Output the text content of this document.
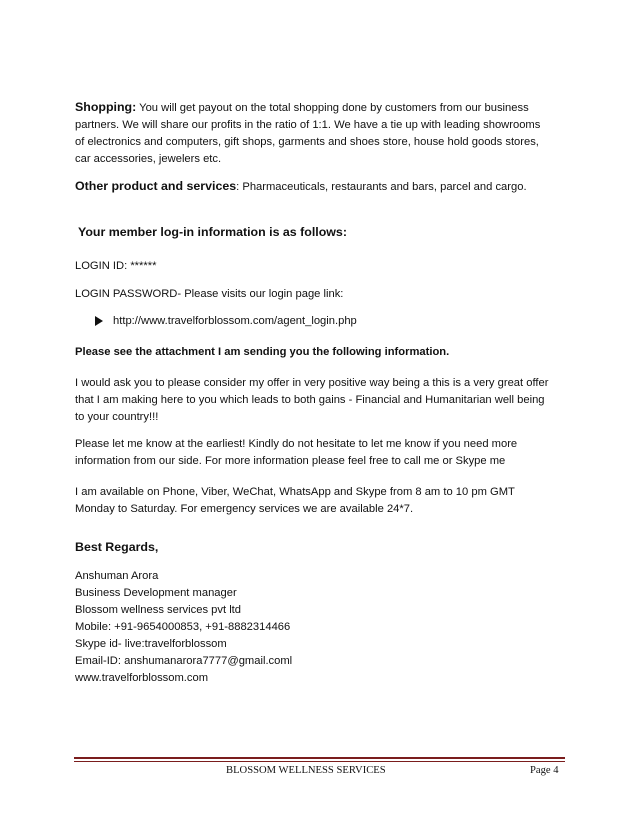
Shopping: You will get payout on the total shopping done by customers from our business
partners. We will share our profits in the ratio of 1:1. We have a tie up with leading showrooms
of electronics and computers, gift shops, garments and shoes store, house hold goods stores,
car accessories, jewelers etc.
Other product and services: Pharmaceuticals, restaurants and bars, parcel and cargo.
Your member log-in information is as follows:
LOGIN ID: ******
LOGIN PASSWORD- Please visits our login page link:
http://www.travelforblossom.com/agent_login.php
Please see the attachment I am sending you the following information.
I would ask you to please consider my offer in very positive way being a this is a very great offer
that I am making here to you which leads to both gains - Financial and Humanitarian well being
to your country!!!
Please let me know at the earliest! Kindly do not hesitate to let me know if you need more
information from our side. For more information please feel free to call me or Skype me
I am available on Phone, Viber, WeChat, WhatsApp and Skype from 8 am to 10 pm GMT
Monday to Saturday. For emergency services we are available 24*7.
Best Regards,
Anshuman Arora
Business Development manager
Blossom wellness services pvt ltd
Mobile: +91-9654000853, +91-8882314466
Skype id- live:travelforblossom
Email-ID: anshumanarora7777@gmail.coml
www.travelforblossom.com
BLOSSOM WELLNESS SERVICES	Page 4
